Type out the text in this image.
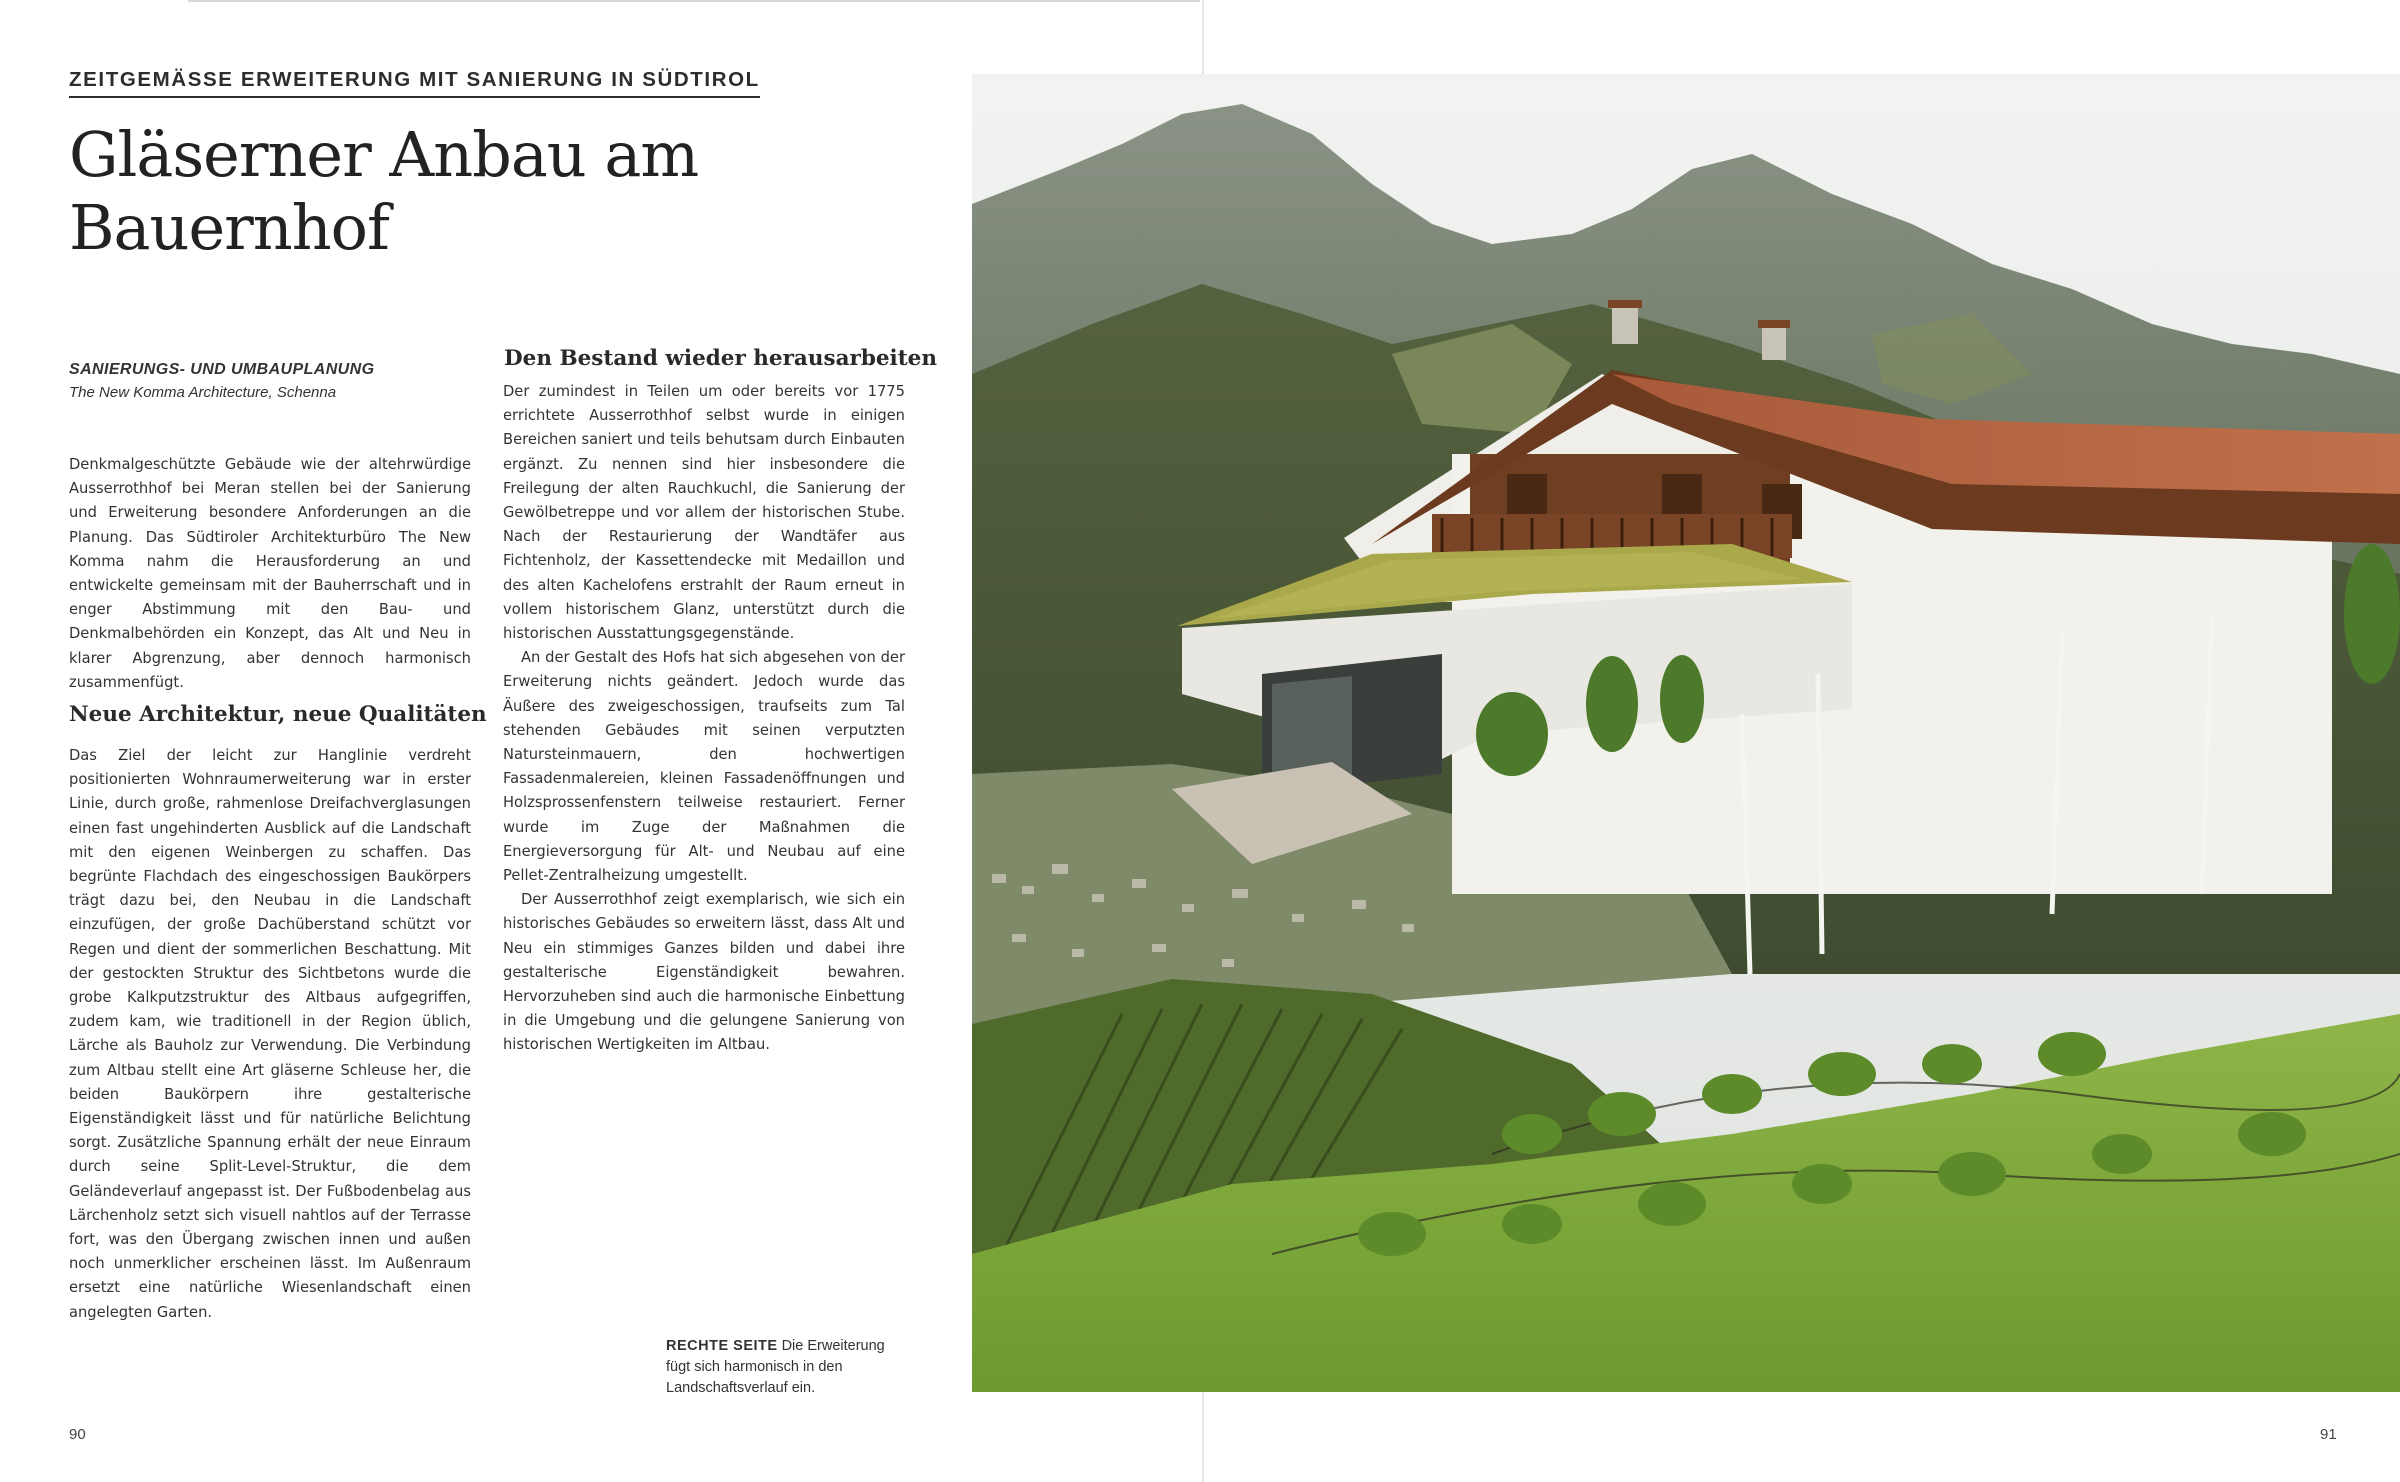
ZEITGEMÄSSE ERWEITERUNG MIT SANIERUNG IN SÜDTIROL
Gläserner Anbau am Bauernhof
SANIERUNGS- UND UMBAUPLANUNG
The New Komma Architecture, Schenna

Denkmalgeschützte Gebäude wie der altehrwürdige Ausserrothhof bei Meran stellen bei der Sanierung und Erweiterung besondere Anforderungen an die Planung. Das Südtiroler Architekturbüro The New Komma nahm die Herausforderung an und entwickelte gemeinsam mit der Bauherrschaft und in enger Abstimmung mit den Bau- und Denkmalbehörden ein Konzept, das Alt und Neu in klarer Abgrenzung, aber dennoch harmonisch zusammenfügt.

Neue Architektur, neue Qualitäten

Das Ziel der leicht zur Hanglinie verdreht positionierten Wohnraumerweiterung war in erster Linie, durch große, rahmenlose Dreifachverglasungen einen fast ungehinderten Ausblick auf die Landschaft mit den eigenen Weinbergen zu schaffen. Das begrünte Flachdach des eingeschossigen Baukörpers trägt dazu bei, den Neubau in die Landschaft einzufügen, der große Dachüberstand schützt vor Regen und dient der sommerlichen Beschattung. Mit der gestockten Struktur des Sichtbetons wurde die grobe Kalkputzstruktur des Altbaus aufgegriffen, zudem kam, wie traditionell in der Region üblich, Lärche als Bauholz zur Verwendung. Die Verbindung zum Altbau stellt eine Art gläserne Schleuse her, die beiden Baukörpern ihre gestalterische Eigenständigkeit lässt und für natürliche Belichtung sorgt. Zusätzliche Spannung erhält der neue Einraum durch seine Split-Level-Struktur, die dem Geländeverlauf angepasst ist. Der Fußbodenbelag aus Lärchenholz setzt sich visuell nahtlos auf der Terrasse fort, was den Übergang zwischen innen und außen noch unmerklicher erscheinen lässt. Im Außenraum ersetzt eine natürliche Wiesenlandschaft einen angelegten Garten.

Den Bestand wieder herausarbeiten

Der zumindest in Teilen um oder bereits vor 1775 errichtete Ausserrothhof selbst wurde in einigen Bereichen saniert und teils behutsam durch Einbauten ergänzt. Zu nennen sind hier insbesondere die Freilegung der alten Rauchkuchl, die Sanierung der Gewölbetreppe und vor allem der historischen Stube. Nach der Restaurierung der Wandtäfer aus Fichtenholz, der Kassettendecke mit Medaillon und des alten Kachelofens erstrahlt der Raum erneut in vollem historischem Glanz, unterstützt durch die historischen Ausstattungsgegenstände.

An der Gestalt des Hofs hat sich abgesehen von der Erweiterung nichts geändert. Jedoch wurde das Äußere des zweigeschossigen, traufseits zum Tal stehenden Gebäudes mit seinen verputzten Natursteinmauern, den hochwertigen Fassadenmalereien, kleinen Fassadenöffnungen und Holzsprossenfenstern teilweise restauriert. Ferner wurde im Zuge der Maßnahmen die Energieversorgung für Alt- und Neubau auf eine Pellet-Zentralheizung umgestellt.

Der Ausserrothhof zeigt exemplarisch, wie sich ein historisches Gebäudes so erweitern lässt, dass Alt und Neu ein stimmiges Ganzes bilden und dabei ihre gestalterische Eigenständigkeit bewahren. Hervorzuheben sind auch die harmonische Einbettung in die Umgebung und die gelungene Sanierung von historischen Wertigkeiten im Altbau.

RECHTE SEITE Die Erweiterung fügt sich harmonisch in den Landschaftsverlauf ein.
90	91
